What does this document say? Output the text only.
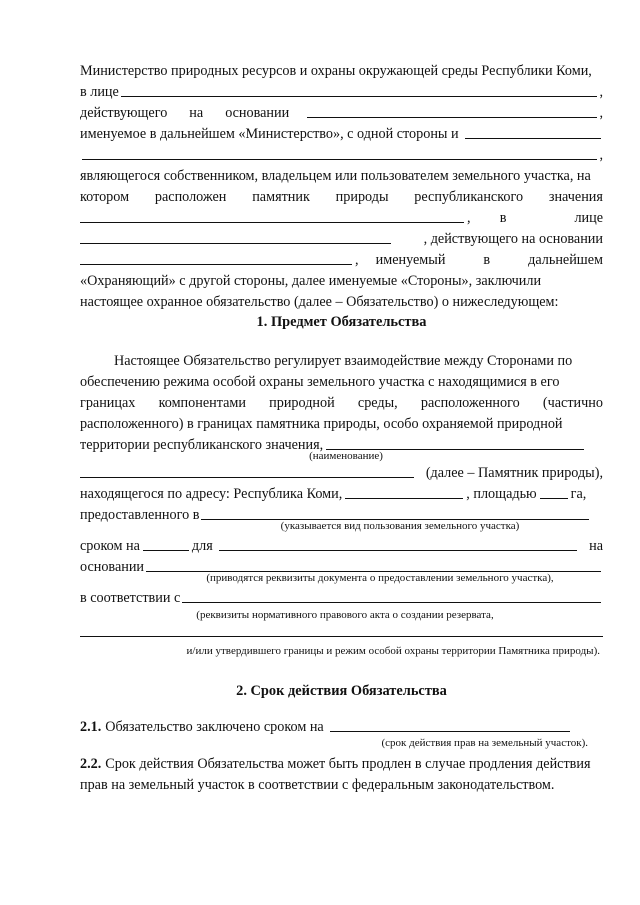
Министерство природных ресурсов и охраны окружающей среды Республики Коми,
в лице	,
действующего на основании	,
именуемое в дальнейшем «Министерство», с одной стороны и
,
являющегося собственником, владельцем или пользователем земельного участка, на
котором расположен памятник природы республиканского значения
, в	лице
, действующего на основании
, именуемый	в	дальнейшем
«Охраняющий» с другой стороны, далее именуемые «Стороны», заключили
настоящее охранное обязательство (далее – Обязательство) о нижеследующем:
1. Предмет Обязательства
Настоящее Обязательство регулирует взаимодействие между Сторонами по
обеспечению режима особой охраны земельного участка с находящимися в его
границах компонентами природной среды, расположенного (частично
расположенного) в границах памятника природы, особо охраняемой природной
территории республиканского значения,
(наименование)
(далее – Памятник природы),
находящегося по адресу: Республика Коми,	, площадью га,
предоставленного в
(указывается вид пользования земельного участка)
сроком на	для	на
основании
(приводятся реквизиты документа о предоставлении земельного участка),
в соответствии с
(реквизиты нормативного правового акта о создании резервата,
и/или утвердившего границы и режим особой охраны территории Памятника природы).
2. Срок действия Обязательства
2.1. Обязательство заключено сроком на
(срок действия прав на земельный участок).
2.2. Срок действия Обязательства может быть продлен в случае продления действия
прав на земельный участок в соответствии с федеральным законодательством.
